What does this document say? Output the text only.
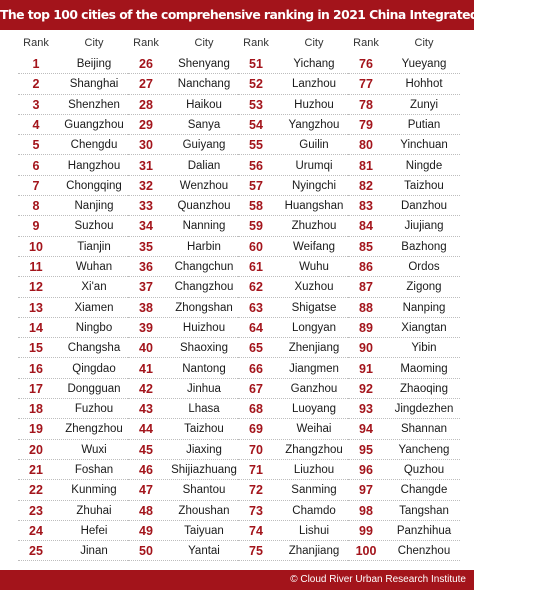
The top 100 cities of the comprehensive ranking in 2021 China Integrated City Index
Rank	City
1	Beijing
2	Shanghai
3	Shenzhen
4	Guangzhou
5	Chengdu
6	Hangzhou
7	Chongqing
8	Nanjing
9	Suzhou
10	Tianjin
11	Wuhan
12	Xi'an
13	Xiamen
14	Ningbo
15	Changsha
16	Qingdao
17	Dongguan
18	Fuzhou
19	Zhengzhou
20	Wuxi
21	Foshan
22	Kunming
23	Zhuhai
24	Hefei
25	Jinan
Rank	City
26	Shenyang
27	Nanchang
28	Haikou
29	Sanya
30	Guiyang
31	Dalian
32	Wenzhou
33	Quanzhou
34	Nanning
35	Harbin
36	Changchun
37	Changzhou
38	Zhongshan
39	Huizhou
40	Shaoxing
41	Nantong
42	Jinhua
43	Lhasa
44	Taizhou
45	Jiaxing
46	Shijiazhuang
47	Shantou
48	Zhoushan
49	Taiyuan
50	Yantai
Rank	City
51	Yichang
52	Lanzhou
53	Huzhou
54	Yangzhou
55	Guilin
56	Urumqi
57	Nyingchi
58	Huangshan
59	Zhuzhou
60	Weifang
61	Wuhu
62	Xuzhou
63	Shigatse
64	Longyan
65	Zhenjiang
66	Jiangmen
67	Ganzhou
68	Luoyang
69	Weihai
70	Zhangzhou
71	Liuzhou
72	Sanming
73	Chamdo
74	Lishui
75	Zhanjiang
Rank	City
76	Yueyang
77	Hohhot
78	Zunyi
79	Putian
80	Yinchuan
81	Ningde
82	Taizhou
83	Danzhou
84	Jiujiang
85	Bazhong
86	Ordos
87	Zigong
88	Nanping
89	Xiangtan
90	Yibin
91	Maoming
92	Zhaoqing
93	Jingdezhen
94	Shannan
95	Yancheng
96	Quzhou
97	Changde
98	Tangshan
99	Panzhihua
100	Chenzhou
© Cloud River Urban Research Institute
